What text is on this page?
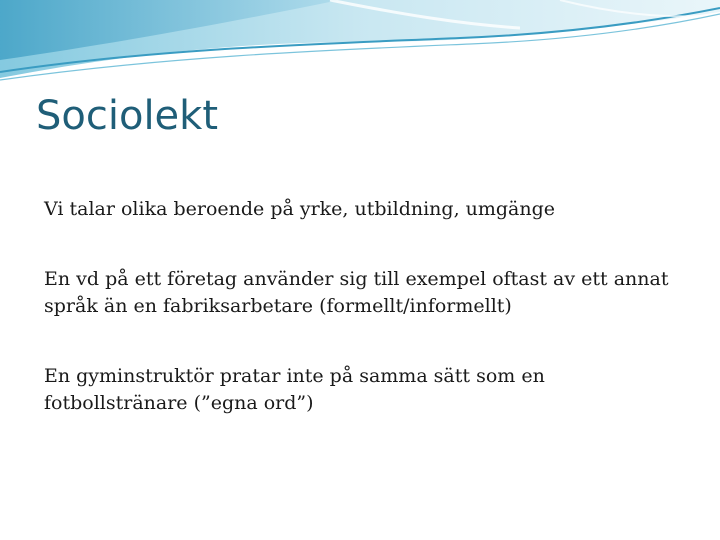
Sociolekt
Vi talar olika beroende på yrke, utbildning, umgänge
En vd på ett företag använder sig till exempel oftast av ett annat språk än en fabriksarbetare (formellt/informellt)
En gyminstruktör pratar inte på samma sätt som en fotbollstränare (”egna ord”)
